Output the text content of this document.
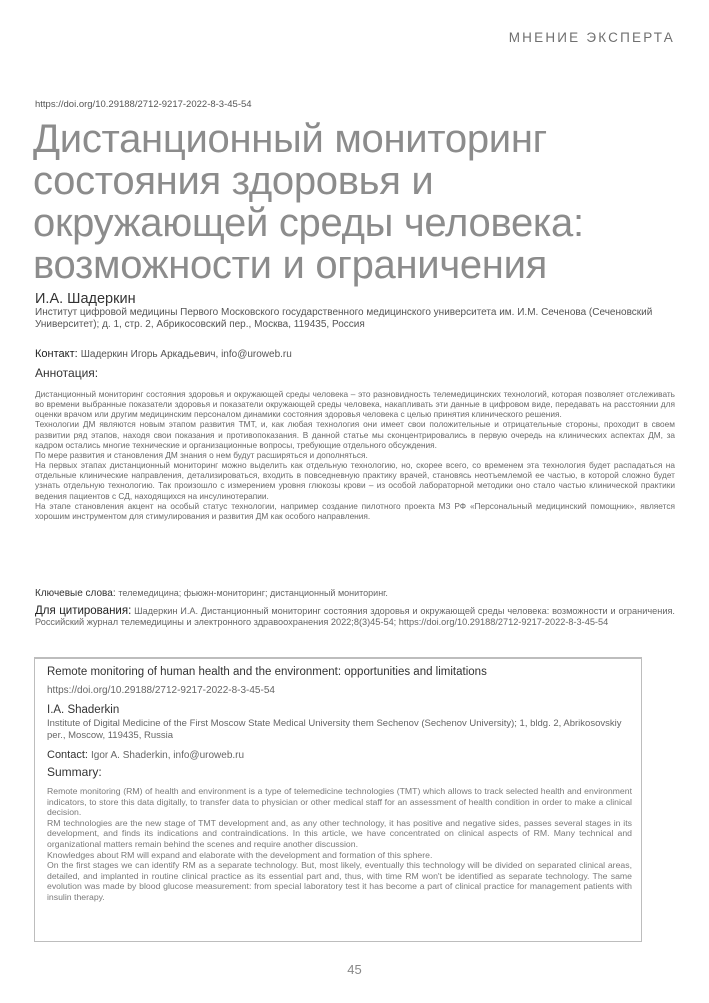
МНЕНИЕ ЭКСПЕРТА
https://doi.org/10.29188/2712-9217-2022-8-3-45-54
Дистанционный мониторинг
состояния здоровья и
окружающей среды человека:
возможности и ограничения
И.А. Шадеркин
Институт цифровой медицины Первого Московского государственного медицинского университета им. И.М. Сеченова (Сеченовский Университет); д. 1, стр. 2, Абрикосовский пер., Москва, 119435, Россия
Контакт: Шадеркин Игорь Аркадьевич, info@uroweb.ru
Аннотация:

Дистанционный мониторинг состояния здоровья и окружающей среды человека – это разновидность телемедицинских технологий, которая позволяет отслеживать во времени выбранные показатели здоровья и показатели окружающей среды человека, накапливать эти данные в цифровом виде, передавать на расстоянии для оценки врачом или другим медицинским персоналом динамики состояния здоровья человека с целью принятия клинического решения.

Технологии ДМ являются новым этапом развития ТМТ, и, как любая технология они имеет свои положительные и отрицательные стороны, проходит в своем развитии ряд этапов, находя свои показания и противопоказания. В данной статье мы сконцентрировались в первую очередь на клинических аспектах ДМ, за кадром остались многие технические и организационные вопросы, требующие отдельного обсуждения.

По мере развития и становления ДМ знания о нем будут расширяться и дополняться.

На первых этапах дистанционный мониторинг можно выделить как отдельную технологию, но, скорее всего, со временем эта технология будет распадаться на отдельные клинические направления, детализироваться, входить в повседневную практику врачей, становясь неотъемлемой ее частью, в которой сложно будет узнать отдельную технологию. Так произошло с измерением уровня глюкозы крови – из особой лабораторной методики оно стало частью клинической практики ведения пациентов с СД, находящихся на инсулинотерапии.

На этапе становления акцент на особый статус технологии, например создание пилотного проекта МЗ РФ «Персональный медицинский помощник», является хорошим инструментом для стимулирования и развития ДМ как особого направления.

Ключевые слова: телемедицина; фьюжн-мониторинг; дистанционный мониторинг.
Для цитирования: Шадеркин И.А. Дистанционный мониторинг состояния здоровья и окружающей среды человека: возможности и ограничения. Российский журнал телемедицины и электронного здравоохранения 2022;8(3)45-54; https://doi.org/10.29188/2712-9217-2022-8-3-45-54
Remote monitoring of human health and the environment: opportunities and limitations
https://doi.org/10.29188/2712-9217-2022-8-3-45-54
I.A. Shaderkin
Institute of Digital Medicine of the First Moscow State Medical University them Sechenov (Sechenov University); 1, bldg. 2, Abrikosovskiy per., Moscow, 119435, Russia
Contact: Igor A. Shaderkin, info@uroweb.ru
Summary:

Remote monitoring (RM) of health and environment is a type of telemedicine technologies (TMT) which allows to track selected health and environment indicators, to store this data digitally, to transfer data to physician or other medical staff for an assessment of health condition in order to make a clinical decision.

RM technologies are the new stage of TMT development and, as any other technology, it has positive and negative sides, passes several stages in its development, and finds its indications and contraindications. In this article, we have concentrated on clinical aspects of RM. Many technical and organizational matters remain behind the scenes and require another discussion.

Knowledges about RM will expand and elaborate with the development and formation of this sphere.

On the first stages we can identify RM as a separate technology. But, most likely, eventually this technology will be divided on separated clinical areas, detailed, and implanted in routine clinical practice as its essential part and, thus, with time RM won't be identified as separate technology. The same evolution was made by blood glucose measurement: from special laboratory test it has become a part of clinical practice for management patients with insulin therapy.

45
